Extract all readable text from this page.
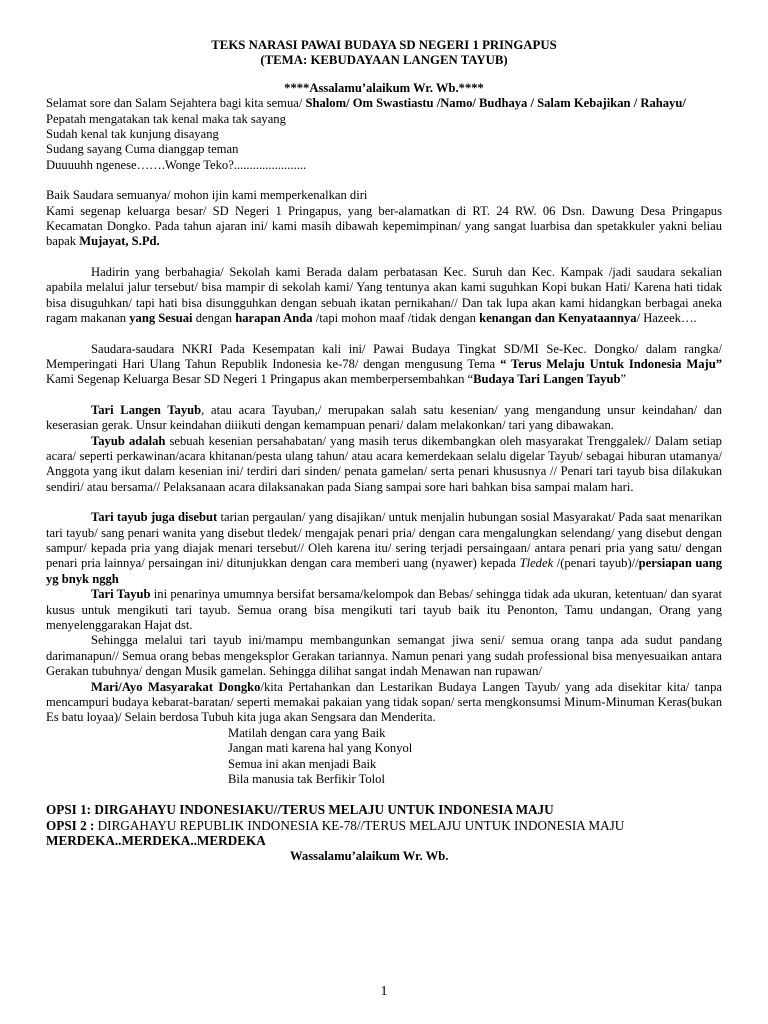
TEKS NARASI PAWAI BUDAYA SD NEGERI 1 PRINGAPUS

(TEMA: KEBUDAYAAN LANGEN TAYUB)

****Assalamu’alaikum Wr. Wb.****

Selamat sore dan Salam Sejahtera bagi kita semua/ Shalom/ Om Swastiastu /Namo/ Budhaya / Salam Kebajikan / Rahayu/

Pepatah mengatakan tak kenal maka tak sayang

Sudah kenal tak kunjung disayang

Sudang sayang Cuma dianggap teman

Duuuuhh ngenese…….Wonge Teko?.......................

Baik Saudara semuanya/ mohon ijin kami memperkenalkan diri

Kami segenap keluarga besar/ SD Negeri 1 Pringapus, yang ber-alamatkan di RT. 24 RW. 06 Dsn. Dawung Desa Pringapus Kecamatan Dongko. Pada tahun ajaran ini/ kami masih dibawah kepemimpinan/ yang sangat luarbisa dan spetakkuler yakni beliau bapak Mujayat, S.Pd.

Hadirin yang berbahagia/ Sekolah kami Berada dalam perbatasan Kec. Suruh dan Kec. Kampak /jadi saudara sekalian apabila melalui jalur tersebut/ bisa mampir di sekolah kami/ Yang tentunya akan kami suguhkan Kopi bukan Hati/ Karena hati tidak bisa disuguhkan/ tapi hati bisa disungguhkan dengan sebuah ikatan pernikahan// Dan tak lupa akan kami hidangkan berbagai aneka ragam makanan yang Sesuai dengan harapan Anda /tapi mohon maaf /tidak dengan kenangan dan Kenyataannya/ Hazeek….

Saudara-saudara NKRI Pada Kesempatan kali ini/ Pawai Budaya Tingkat SD/MI Se-Kec. Dongko/ dalam rangka/ Memperingati Hari Ulang Tahun Republik Indonesia ke-78/ dengan mengusung Tema “ Terus Melaju Untuk Indonesia Maju” Kami Segenap Keluarga Besar SD Negeri 1 Pringapus akan memberpersembahkan “Budaya Tari Langen Tayub”

Tari Langen Tayub, atau acara Tayuban,/ merupakan salah satu kesenian/ yang mengandung unsur keindahan/ dan keserasian gerak. Unsur keindahan diiikuti dengan kemampuan penari/ dalam melakonkan/ tari yang dibawakan.

Tayub adalah sebuah kesenian persahabatan/ yang masih terus dikembangkan oleh masyarakat Trenggalek// Dalam setiap acara/ seperti perkawinan/acara khitanan/pesta ulang tahun/ atau acara kemerdekaan selalu digelar Tayub/ sebagai hiburan utamanya/ Anggota yang ikut dalam kesenian ini/ terdiri dari sinden/ penata gamelan/ serta penari khususnya // Penari tari tayub bisa dilakukan sendiri/ atau bersama// Pelaksanaan acara dilaksanakan pada Siang sampai sore hari bahkan bisa sampai malam hari.

Tari tayub juga disebut tarian pergaulan/ yang disajikan/ untuk menjalin hubungan sosial Masyarakat/ Pada saat menarikan tari tayub/ sang penari wanita yang disebut tledek/ mengajak penari pria/ dengan cara mengalungkan selendang/ yang disebut dengan sampur/ kepada pria yang diajak menari tersebut// Oleh karena itu/ sering terjadi persaingaan/ antara penari pria yang satu/ dengan penari pria lainnya/ persaingan ini/ ditunjukkan dengan cara memberi uang (nyawer) kepada Tledek /(penari tayub)//persiapan uang yg bnyk nggh

Tari Tayub ini penarinya umumnya bersifat bersama/kelompok dan Bebas/ sehingga tidak ada ukuran, ketentuan/ dan syarat kusus untuk mengikuti tari tayub. Semua orang bisa mengikuti tari tayub baik itu Penonton, Tamu undangan, Orang yang menyelenggarakan Hajat dst.

Sehingga melalui tari tayub ini/mampu membangunkan semangat jiwa seni/ semua orang tanpa ada sudut pandang darimanapun// Semua orang bebas mengeksplor Gerakan tariannya. Namun penari yang sudah professional bisa menyesuaikan antara Gerakan tubuhnya/ dengan Musik gamelan. Sehingga dilihat sangat indah Menawan nan rupawan/

Mari/Ayo Masyarakat Dongko/kita Pertahankan dan Lestarikan Budaya Langen Tayub/ yang ada disekitar kita/ tanpa mencampuri budaya kebarat-baratan/ seperti memakai pakaian yang tidak sopan/ serta mengkonsumsi Minum-Minuman Keras(bukan Es batu loyaa)/ Selain berdosa Tubuh kita juga akan Sengsara dan Menderita.

Matilah dengan cara yang Baik

Jangan mati karena hal yang Konyol

Semua ini akan menjadi Baik

Bila manusia tak Berfikir Tolol

OPSI 1: DIRGAHAYU INDONESIAKU//TERUS MELAJU UNTUK INDONESIA MAJU

OPSI 2 : DIRGAHAYU REPUBLIK INDONESIA KE-78//TERUS MELAJU UNTUK INDONESIA MAJU

MERDEKA..MERDEKA..MERDEKA

Wassalamu’alaikum Wr. Wb.

1
